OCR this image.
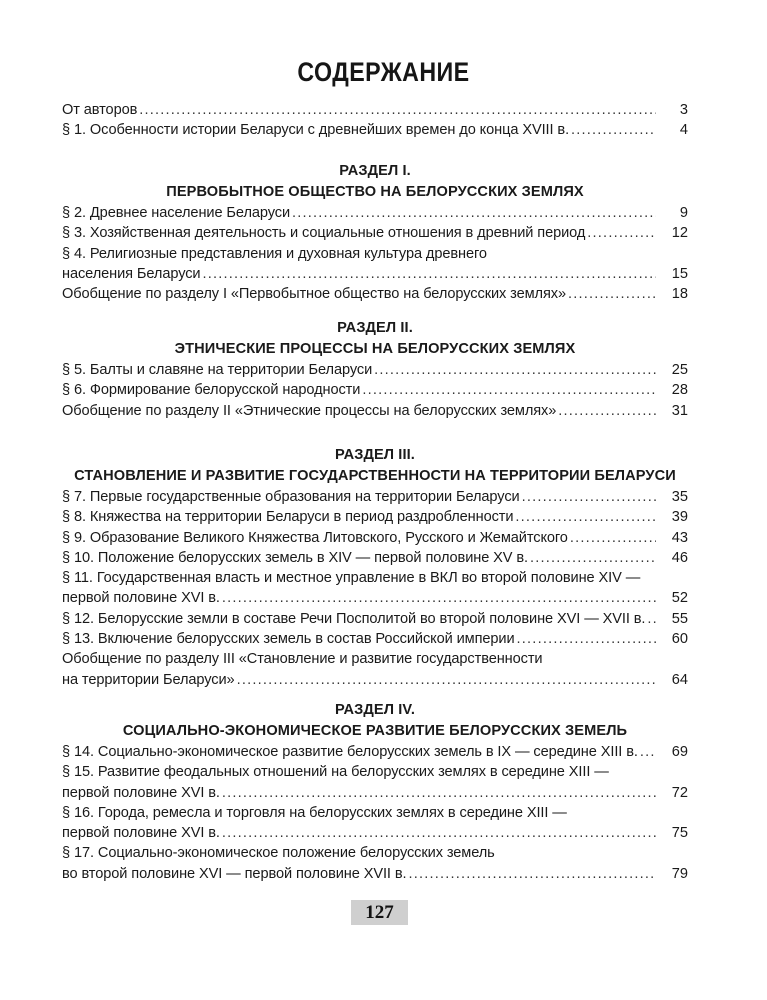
СОДЕРЖАНИЕ
От авторов .....	3
§ 1. Особенности истории Беларуси с древнейших времен до конца XVIII в. .....	4
РАЗДЕЛ I.
ПЕРВОБЫТНОЕ ОБЩЕСТВО НА БЕЛОРУССКИХ ЗЕМЛЯХ
§ 2. Древнее население Беларуси .....	9
§ 3. Хозяйственная деятельность и социальные отношения в древний период .....	12
§ 4. Религиозные представления и духовная культура древнего
населения Беларуси .....	15
Обобщение по разделу I «Первобытное общество на белорусских землях» .....	18
РАЗДЕЛ II.
ЭТНИЧЕСКИЕ ПРОЦЕССЫ НА БЕЛОРУССКИХ ЗЕМЛЯХ
§ 5. Балты и славяне на территории Беларуси .....	25
§ 6. Формирование белорусской народности .....	28
Обобщение по разделу II «Этнические процессы на белорусских землях» .....	31
РАЗДЕЛ III.
СТАНОВЛЕНИЕ И РАЗВИТИЕ ГОСУДАРСТВЕННОСТИ НА ТЕРРИТОРИИ БЕЛАРУСИ
§ 7. Первые государственные образования на территории Беларуси .....	35
§ 8. Княжества на территории Беларуси в период раздробленности .....	39
§ 9. Образование Великого Княжества Литовского, Русского и Жемайтского .....	43
§ 10. Положение белорусских земель в XIV — первой половине XV в. .....	46
§ 11. Государственная власть и местное управление в ВКЛ во второй половине XIV —
первой половине XVI в. .....	52
§ 12. Белорусские земли в составе Речи Посполитой во второй половине XVI — XVII в. .....	55
§ 13. Включение белорусских земель в состав Российской империи .....	60
Обобщение по разделу III «Становление и развитие государственности
на территории Беларуси» .....	64
РАЗДЕЛ IV.
СОЦИАЛЬНО-ЭКОНОМИЧЕСКОЕ РАЗВИТИЕ БЕЛОРУССКИХ ЗЕМЕЛЬ
§ 14. Социально-экономическое развитие белорусских земель в IX — середине XIII в. .....	69
§ 15. Развитие феодальных отношений на белорусских землях в середине XIII —
первой половине XVI в. .....	72
§ 16. Города, ремесла и торговля на белорусских землях в середине XIII —
первой половине XVI в. .....	75
§ 17. Социально-экономическое положение белорусских земель
во второй половине XVI — первой половине XVII в. .....	79
127
